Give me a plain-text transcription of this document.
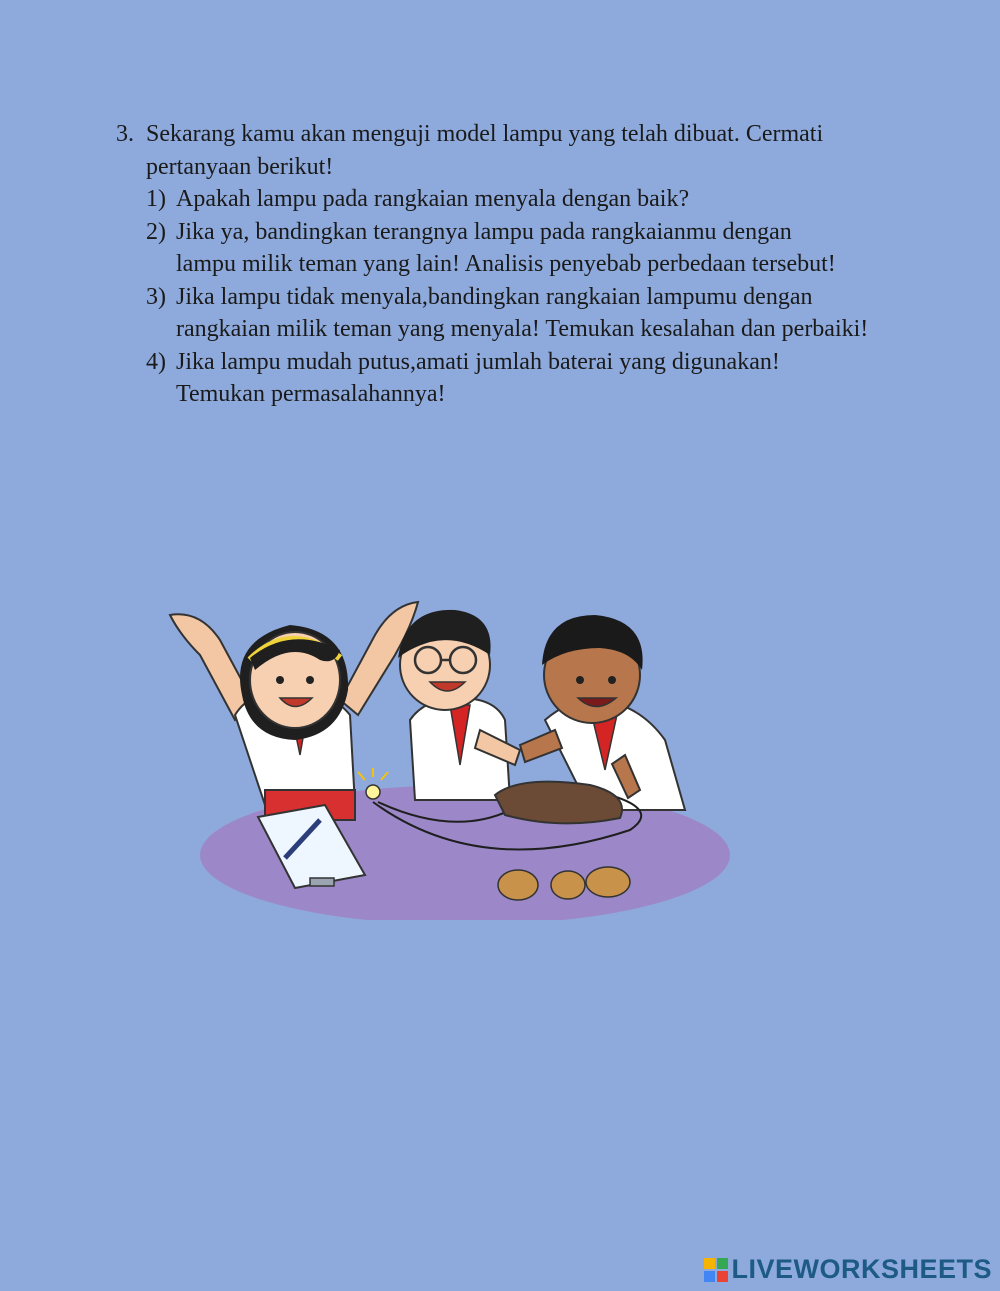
3. Sekarang kamu akan menguji model lampu yang telah dibuat. Cermati pertanyaan berikut!
1) Apakah lampu pada rangkaian menyala dengan baik?
2) Jika ya, bandingkan terangnya lampu pada rangkaianmu dengan lampu milik teman yang lain! Analisis penyebab perbedaan tersebut!
3) Jika lampu tidak menyala,bandingkan rangkaian lampumu dengan rangkaian milik teman yang menyala! Temukan kesalahan dan perbaiki!
4) Jika lampu mudah putus,amati jumlah baterai yang digunakan! Temukan permasalahannya!
LIVEWORKSHEETS
